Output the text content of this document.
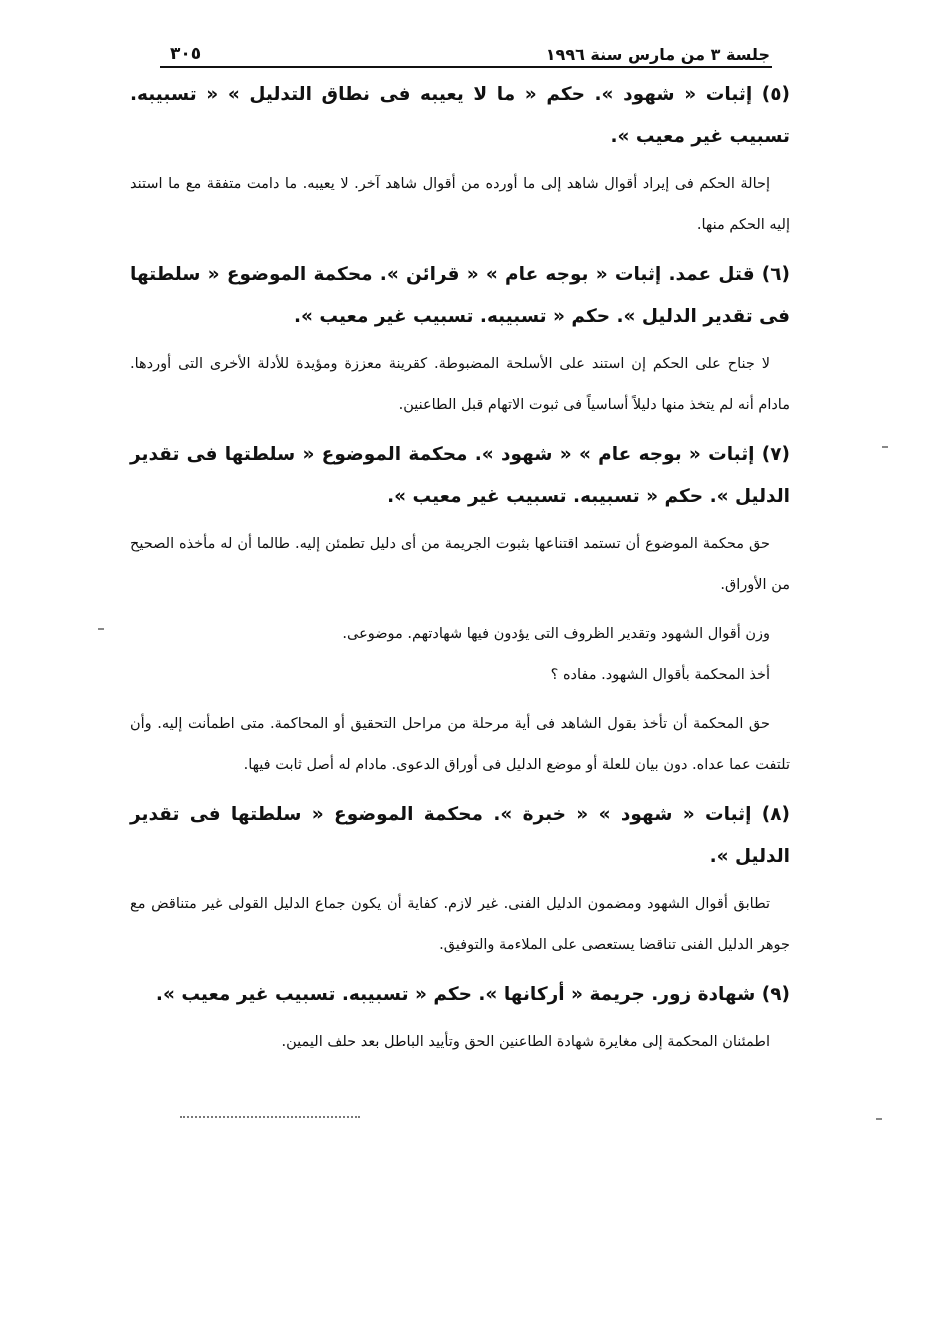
جلسة ٣ من مارس سنة ١٩٩٦
٣٠٥

(٥) إثبات « شهود ». حكم « ما لا يعيبه فى نطاق التدليل » « تسبيبه. تسبيب غير معيب ».

إحالة الحكم فى إيراد أقوال شاهد إلى ما أورده من أقوال شاهد آخر. لا يعيبه. ما دامت متفقة مع ما استند إليه الحكم منها.

(٦) قتل عمد. إثبات « بوجه عام » « قرائن ». محكمة الموضوع « سلطتها فى تقدير الدليل ». حكم « تسبيبه. تسبيب غير معيب ».

لا جناح على الحكم إن استند على الأسلحة المضبوطة. كقرينة معززة ومؤيدة للأدلة الأخرى التى أوردها. مادام أنه لم يتخذ منها دليلاً أساسياً فى ثبوت الاتهام قبل الطاعنين.

(٧) إثبات « بوجه عام » « شهود ». محكمة الموضوع « سلطتها فى تقدير الدليل ». حكم « تسبيبه. تسبيب غير معيب ».

حق محكمة الموضوع أن تستمد اقتناعها بثبوت الجريمة من أى دليل تطمئن إليه. طالما أن له مأخذه الصحيح من الأوراق.

وزن أقوال الشهود وتقدير الظروف التى يؤدون فيها شهادتهم. موضوعى.

أخذ المحكمة بأقوال الشهود. مفاده ؟

حق المحكمة أن تأخذ بقول الشاهد فى أية مرحلة من مراحل التحقيق أو المحاكمة. متى اطمأنت إليه. وأن تلتفت عما عداه. دون بيان للعلة أو موضع الدليل فى أوراق الدعوى. مادام له أصل ثابت فيها.

(٨) إثبات « شهود » « خبرة ». محكمة الموضوع « سلطتها فى تقدير الدليل ».

تطابق أقوال الشهود ومضمون الدليل الفنى. غير لازم. كفاية أن يكون جماع الدليل القولى غير متناقض مع جوهر الدليل الفنى تناقضا يستعصى على الملاءمة والتوفيق.

(٩) شهادة زور. جريمة « أركانها ». حكم « تسبيبه. تسبيب غير معيب ».

اطمئنان المحكمة إلى مغايرة شهادة الطاعنين الحق وتأييد الباطل بعد حلف اليمين.
